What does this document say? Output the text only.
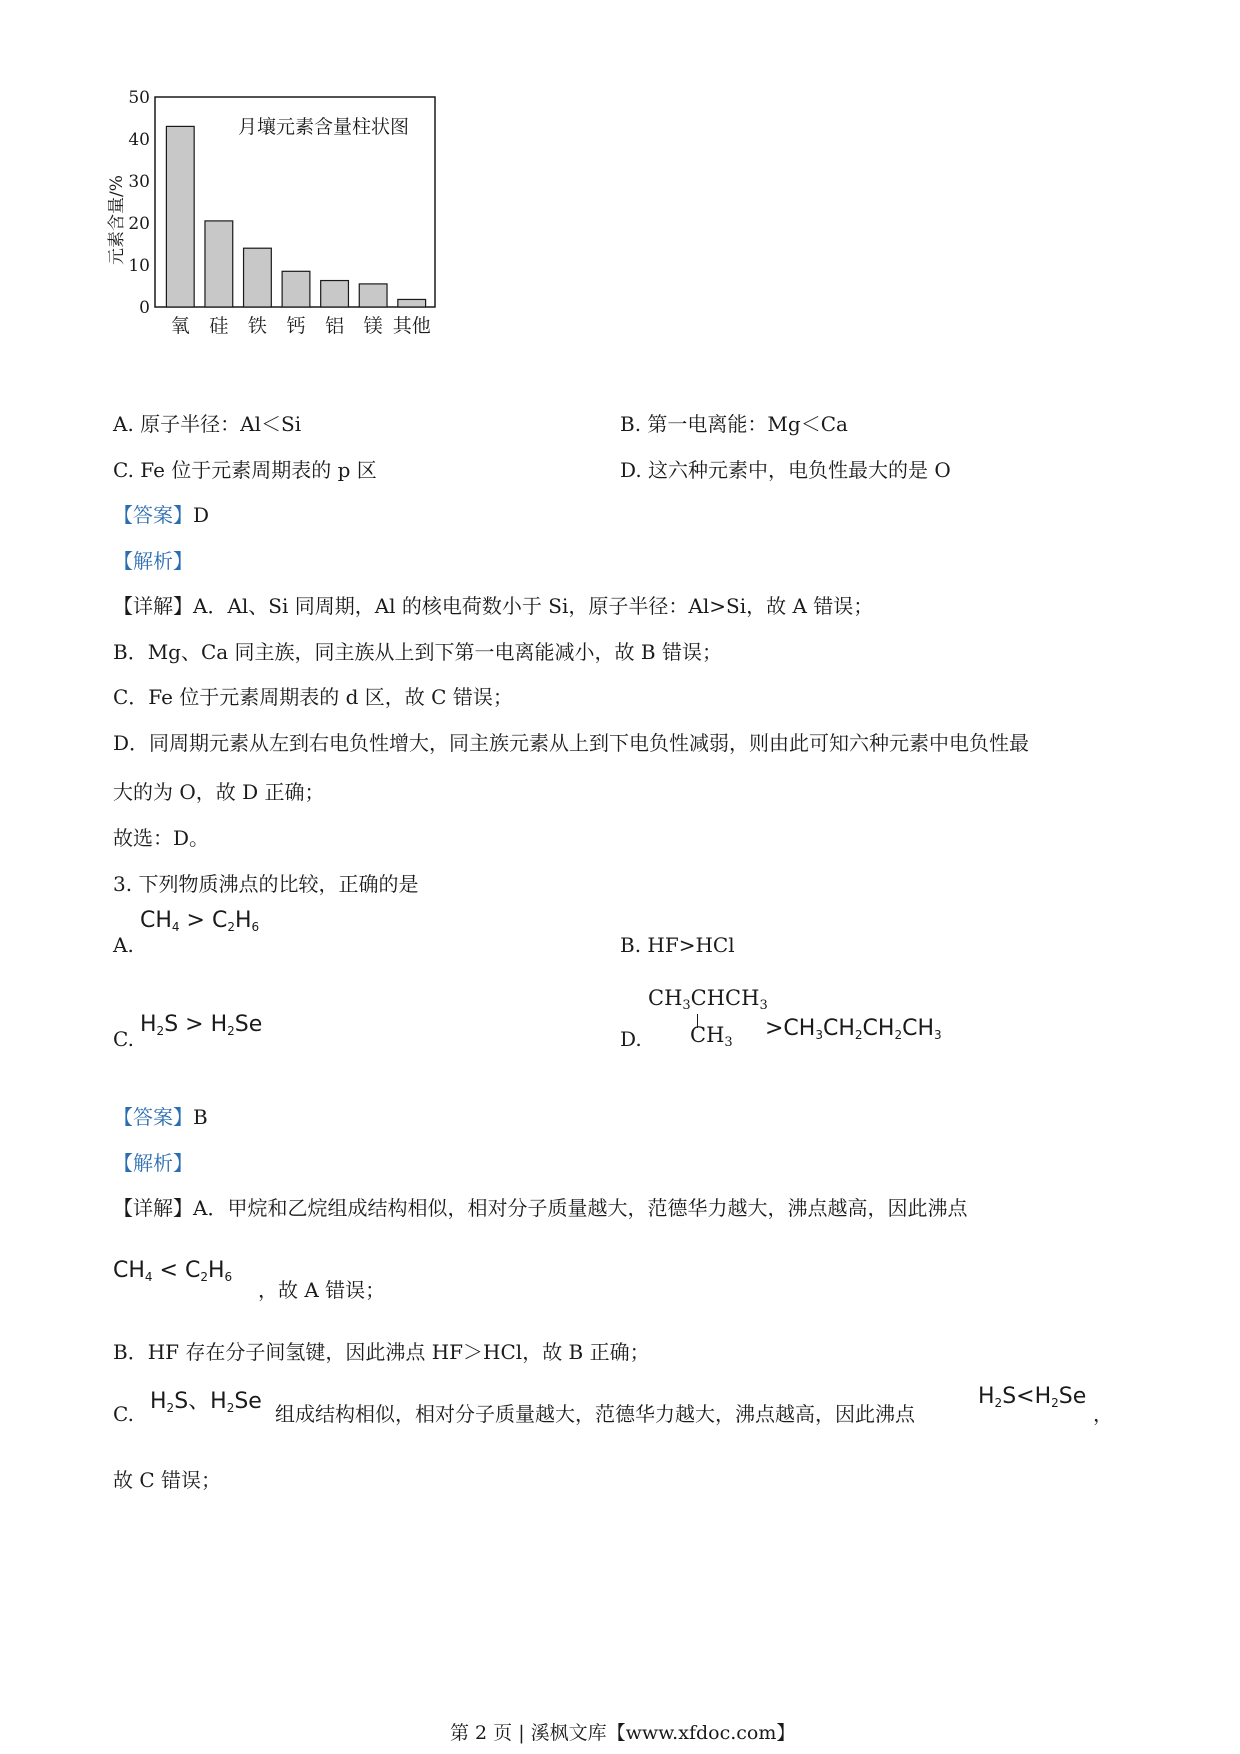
月壤元素含量柱状图
元素含量/%
0
10
20
30
40
50
氧 硅 铁 钙 铝 镁 其他
A. 原子半径：Al＜Si	B. 第一电离能：Mg＜Ca
C. Fe 位于元素周期表的 p 区	D. 这六种元素中，电负性最大的是 O
【答案】D
【解析】
【详解】A．Al、Si 同周期，Al 的核电荷数小于 Si，原子半径：Al>Si，故 A 错误；
B．Mg、Ca 同主族，同主族从上到下第一电离能减小，故 B 错误；
C．Fe 位于元素周期表的 d 区，故 C 错误；
D．同周期元素从左到右电负性增大，同主族元素从上到下电负性减弱，则由此可知六种元素中电负性最
大的为 O，故 D 正确；
故选：D。
3. 下列物质沸点的比较，正确的是
A.
$CH_4 > C_2H_6$
B. HF>HCl
C.
$H_2S > H_2Se$
D.
$CH_3CHCH_3$
$CH_3$
$>CH_3CH_2CH_2CH_3$
【答案】B
【解析】
【详解】A．甲烷和乙烷组成结构相似，相对分子质量越大，范德华力越大，沸点越高，因此沸点
$CH_4 < C_2H_6$
，故 A 错误；
B．HF 存在分子间氢键，因此沸点 HF＞HCl，故 B 正确；
C. $H_2S$、$H_2Se$ 组成结构相似，相对分子质量越大，范德华力越大，沸点越高，因此沸点
$H_2S<H_2Se$
，
故 C 错误；
第 2 页 | 溪枫文库【www.xfdoc.com】
